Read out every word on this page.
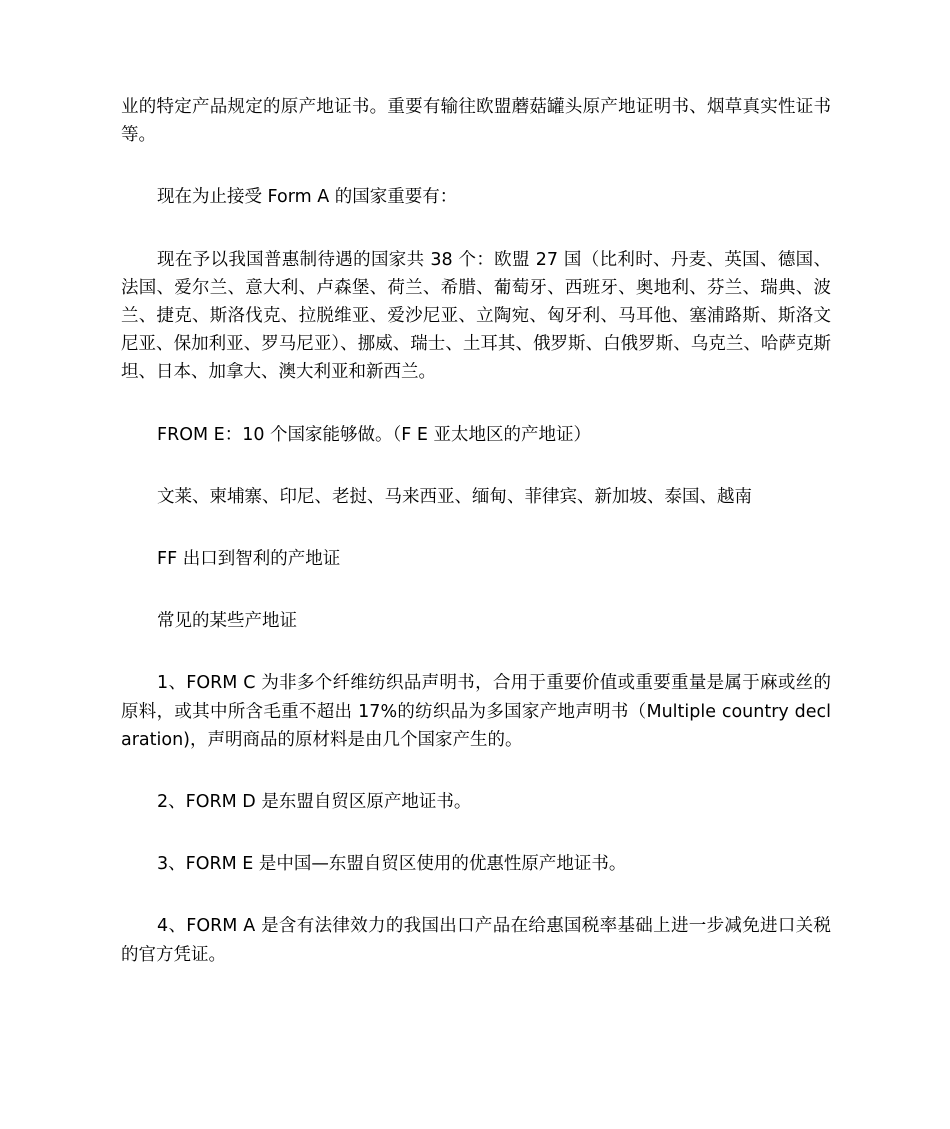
业的特定产品规定的原产地证书。重要有输往欧盟蘑菇罐头原产地证明书、烟草真实性证书等。

现在为止接受 Form A 的国家重要有：

现在予以我国普惠制待遇的国家共 38 个：欧盟 27 国（比利时、丹麦、英国、德国、法国、爱尔兰、意大利、卢森堡、荷兰、希腊、葡萄牙、西班牙、奥地利、芬兰、瑞典、波兰、捷克、斯洛伐克、拉脱维亚、爱沙尼亚、立陶宛、匈牙利、马耳他、塞浦路斯、斯洛文尼亚、保加利亚、罗马尼亚）、挪威、瑞士、土耳其、俄罗斯、白俄罗斯、乌克兰、哈萨克斯坦、日本、加拿大、澳大利亚和新西兰。

FROM E：10 个国家能够做。（F E 亚太地区的产地证）

文莱、柬埔寨、印尼、老挝、马来西亚、缅甸、菲律宾、新加坡、泰国、越南

FF 出口到智利的产地证

常见的某些产地证

1、FORM C 为非多个纤维纺织品声明书，合用于重要价值或重要重量是属于麻或丝的原料，或其中所含毛重不超出 17%的纺织品为多国家产地声明书（Multiple country declaration)，声明商品的原材料是由几个国家产生的。

2、FORM D 是东盟自贸区原产地证书。

3、FORM E 是中国—东盟自贸区使用的优惠性原产地证书。

4、FORM A 是含有法律效力的我国出口产品在给惠国税率基础上进一步减免进口关税的官方凭证。
